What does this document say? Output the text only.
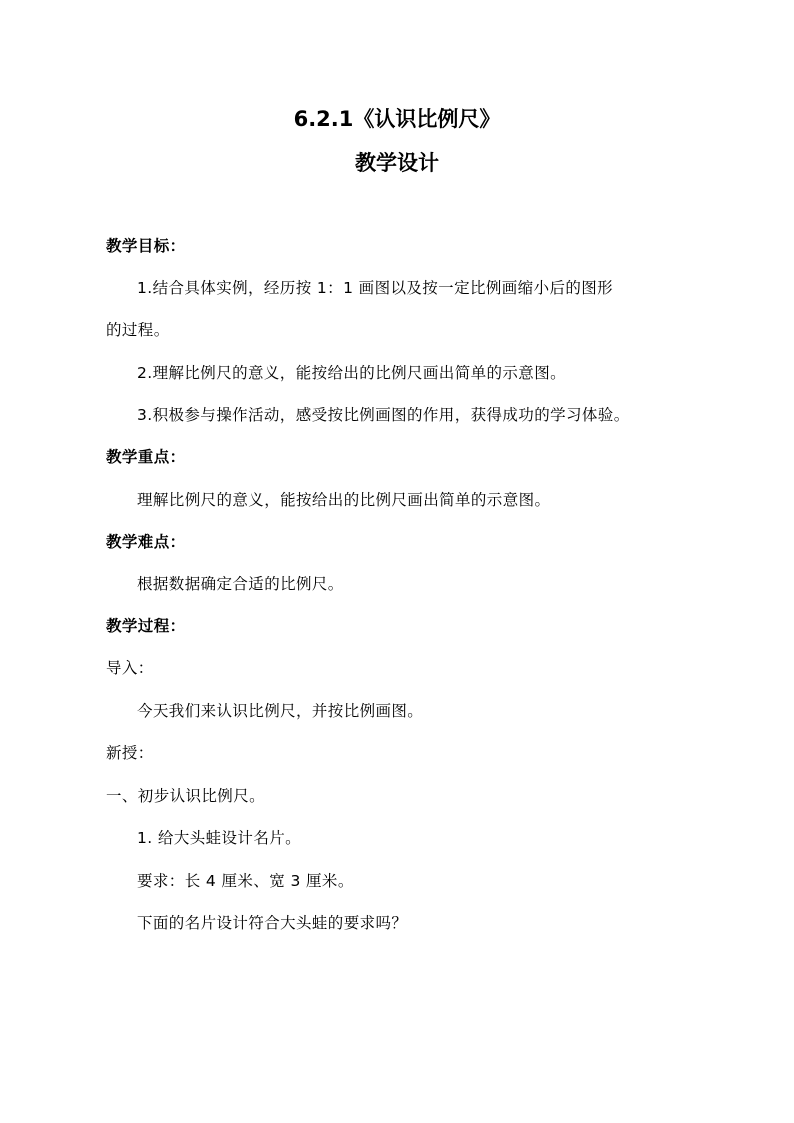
6.2.1《认识比例尺》
教学设计
教学目标：
1.结合具体实例，经历按 1：1 画图以及按一定比例画缩小后的图形
的过程。
2.理解比例尺的意义，能按给出的比例尺画出简单的示意图。
3.积极参与操作活动，感受按比例画图的作用，获得成功的学习体验。
教学重点：
理解比例尺的意义，能按给出的比例尺画出简单的示意图。
教学难点：
根据数据确定合适的比例尺。
教学过程：
导入：
今天我们来认识比例尺，并按比例画图。
新授：
一、初步认识比例尺。
1. 给大头蛙设计名片。
要求：长 4 厘米、宽 3 厘米。
下面的名片设计符合大头蛙的要求吗？
